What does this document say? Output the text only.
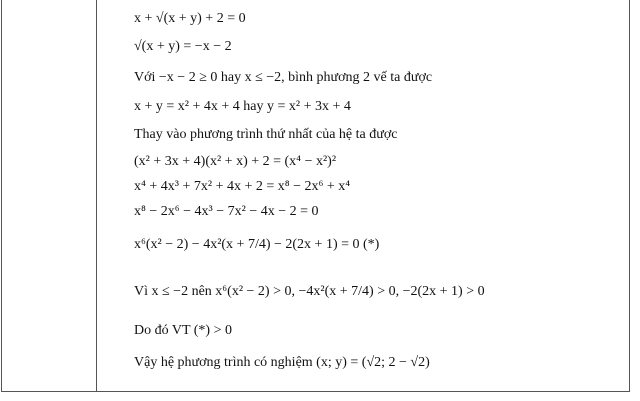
x + √(x + y) + 2 = 0
√(x + y) = −x − 2
Với −x − 2 ≥ 0 hay x ≤ −2, bình phương 2 vế ta được
x + y = x² + 4x + 4 hay y = x² + 3x + 4
Thay vào phương trình thứ nhất của hệ ta được
(x² + 3x + 4)(x² + x) + 2 = (x⁴ − x²)²
x⁴ + 4x³ + 7x² + 4x + 2 = x⁸ − 2x⁶ + x⁴
x⁸ − 2x⁶ − 4x³ − 7x² − 4x − 2 = 0
x⁶(x² − 2) − 4x²(x + 7/4) − 2(2x + 1) = 0 (*)
Vì x ≤ −2 nên x⁶(x² − 2) > 0, −4x²(x + 7/4) > 0, −2(2x + 1) > 0
Do đó VT (*) > 0
Vậy hệ phương trình có nghiệm (x; y) = (√2; 2 − √2)
